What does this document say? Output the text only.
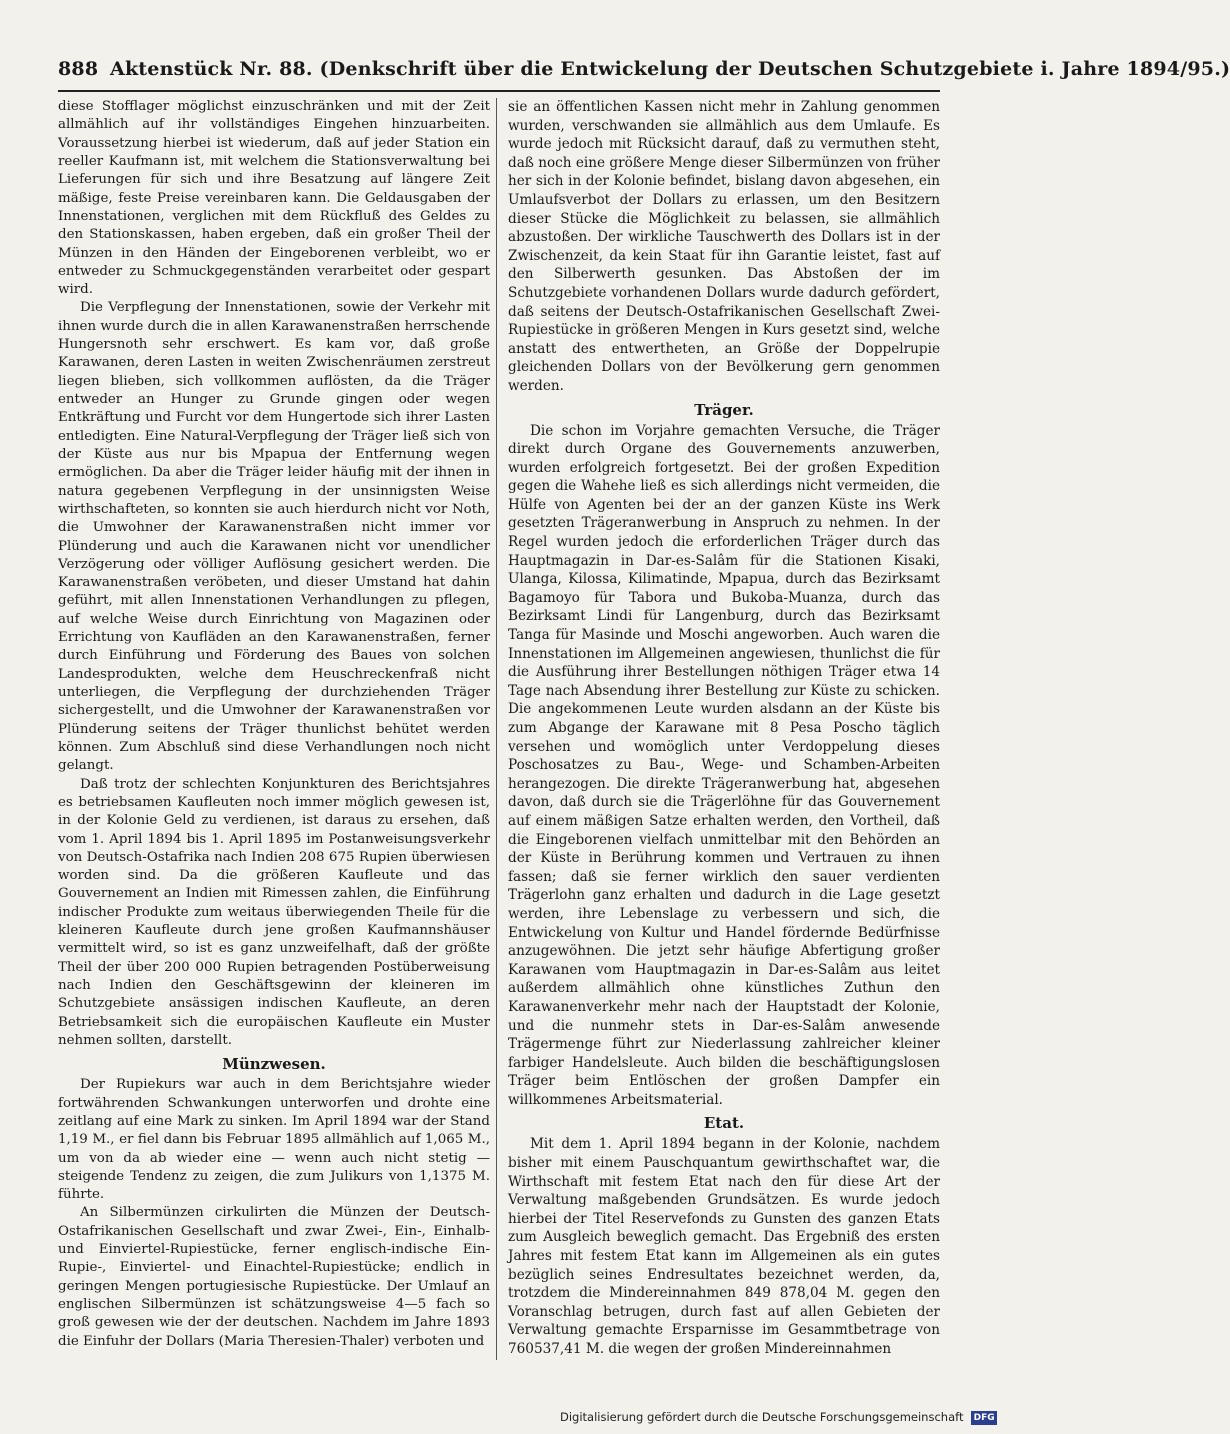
888 Aktenstück Nr. 88. (Denkschrift über die Entwickelung der Deutschen Schutzgebiete i. Jahre 1894/95.)

diese Stofflager möglichst einzuschränken und mit der Zeit allmählich auf ihr vollständiges Eingehen hinzuarbeiten. Voraussetzung hierbei ist wiederum, daß auf jeder Station ein reeller Kaufmann ist, mit welchem die Stationsverwaltung bei Lieferungen für sich und ihre Besatzung auf längere Zeit mäßige, feste Preise vereinbaren kann. Die Geldausgaben der Innenstationen, verglichen mit dem Rückfluß des Geldes zu den Stationskassen, haben ergeben, daß ein großer Theil der Münzen in den Händen der Eingeborenen verbleibt, wo er entweder zu Schmuckgegenständen verarbeitet oder gespart wird.

Die Verpflegung der Innenstationen, sowie der Verkehr mit ihnen wurde durch die in allen Karawanenstraßen herrschende Hungersnoth sehr erschwert. Es kam vor, daß große Karawanen, deren Lasten in weiten Zwischenräumen zerstreut liegen blieben, sich vollkommen auflösten, da die Träger entweder an Hunger zu Grunde gingen oder wegen Entkräftung und Furcht vor dem Hungertode sich ihrer Lasten entledigten. Eine Natural-Verpflegung der Träger ließ sich von der Küste aus nur bis Mpapua der Entfernung wegen ermöglichen. Da aber die Träger leider häufig mit der ihnen in natura gegebenen Verpflegung in der unsinnigsten Weise wirthschafteten, so konnten sie auch hierdurch nicht vor Noth, die Umwohner der Karawanenstraßen nicht immer vor Plünderung und auch die Karawanen nicht vor unendlicher Verzögerung oder völliger Auflösung gesichert werden. Die Karawanenstraßen veröbeten, und dieser Umstand hat dahin geführt, mit allen Innenstationen Verhandlungen zu pflegen, auf welche Weise durch Einrichtung von Magazinen oder Errichtung von Kaufläden an den Karawanenstraßen, ferner durch Einführung und Förderung des Baues von solchen Landesprodukten, welche dem Heuschreckenfraß nicht unterliegen, die Verpflegung der durchziehenden Träger sichergestellt, und die Umwohner der Karawanenstraßen vor Plünderung seitens der Träger thunlichst behütet werden können. Zum Abschluß sind diese Verhandlungen noch nicht gelangt.

Daß trotz der schlechten Konjunkturen des Berichtsjahres es betriebsamen Kaufleuten noch immer möglich gewesen ist, in der Kolonie Geld zu verdienen, ist daraus zu ersehen, daß vom 1. April 1894 bis 1. April 1895 im Postanweisungsverkehr von Deutsch-Ostafrika nach Indien 208 675 Rupien überwiesen worden sind. Da die größeren Kaufleute und das Gouvernement an Indien mit Rimessen zahlen, die Einführung indischer Produkte zum weitaus überwiegenden Theile für die kleineren Kaufleute durch jene großen Kaufmannshäuser vermittelt wird, so ist es ganz unzweifelhaft, daß der größte Theil der über 200 000 Rupien betragenden Postüberweisung nach Indien den Geschäftsgewinn der kleineren im Schutzgebiete ansässigen indischen Kaufleute, an deren Betriebsamkeit sich die europäischen Kaufleute ein Muster nehmen sollten, darstellt.

Münzwesen.

Der Rupiekurs war auch in dem Berichtsjahre wieder fortwährenden Schwankungen unterworfen und drohte eine zeitlang auf eine Mark zu sinken. Im April 1894 war der Stand 1,19 M., er fiel dann bis Februar 1895 allmählich auf 1,065 M., um von da ab wieder eine — wenn auch nicht stetig — steigende Tendenz zu zeigen, die zum Julikurs von 1,1375 M. führte.

An Silbermünzen cirkulirten die Münzen der Deutsch-Ostafrikanischen Gesellschaft und zwar Zwei-, Ein-, Einhalb- und Einviertel-Rupiestücke, ferner englisch-indische Ein-Rupie-, Einviertel- und Einachtel-Rupiestücke; endlich in geringen Mengen portugiesische Rupiestücke. Der Umlauf an englischen Silbermünzen ist schätzungsweise 4—5 fach so groß gewesen wie der der deutschen. Nachdem im Jahre 1893 die Einfuhr der Dollars (Maria Theresien-Thaler) verboten und

sie an öffentlichen Kassen nicht mehr in Zahlung genommen wurden, verschwanden sie allmählich aus dem Umlaufe. Es wurde jedoch mit Rücksicht darauf, daß zu vermuthen steht, daß noch eine größere Menge dieser Silbermünzen von früher her sich in der Kolonie befindet, bislang davon abgesehen, ein Umlaufsverbot der Dollars zu erlassen, um den Besitzern dieser Stücke die Möglichkeit zu belassen, sie allmählich abzustoßen. Der wirkliche Tauschwerth des Dollars ist in der Zwischenzeit, da kein Staat für ihn Garantie leistet, fast auf den Silberwerth gesunken. Das Abstoßen der im Schutzgebiete vorhandenen Dollars wurde dadurch gefördert, daß seitens der Deutsch-Ostafrikanischen Gesellschaft Zwei-Rupiestücke in größeren Mengen in Kurs gesetzt sind, welche anstatt des entwertheten, an Größe der Doppelrupie gleichenden Dollars von der Bevölkerung gern genommen werden.

Träger.

Die schon im Vorjahre gemachten Versuche, die Träger direkt durch Organe des Gouvernements anzuwerben, wurden erfolgreich fortgesetzt. Bei der großen Expedition gegen die Wahehe ließ es sich allerdings nicht vermeiden, die Hülfe von Agenten bei der an der ganzen Küste ins Werk gesetzten Trägeranwerbung in Anspruch zu nehmen. In der Regel wurden jedoch die erforderlichen Träger durch das Hauptmagazin in Dar-es-Salâm für die Stationen Kisaki, Ulanga, Kilossa, Kilimatinde, Mpapua, durch das Bezirksamt Bagamoyo für Tabora und Bukoba-Muanza, durch das Bezirksamt Lindi für Langenburg, durch das Bezirksamt Tanga für Masinde und Moschi angeworben. Auch waren die Innenstationen im Allgemeinen angewiesen, thunlichst die für die Ausführung ihrer Bestellungen nöthigen Träger etwa 14 Tage nach Absendung ihrer Bestellung zur Küste zu schicken. Die angekommenen Leute wurden alsdann an der Küste bis zum Abgange der Karawane mit 8 Pesa Poscho täglich versehen und womöglich unter Verdoppelung dieses Poschosatzes zu Bau-, Wege- und Schamben-Arbeiten herangezogen. Die direkte Trägeranwerbung hat, abgesehen davon, daß durch sie die Trägerlöhne für das Gouvernement auf einem mäßigen Satze erhalten werden, den Vortheil, daß die Eingeborenen vielfach unmittelbar mit den Behörden an der Küste in Berührung kommen und Vertrauen zu ihnen fassen; daß sie ferner wirklich den sauer verdienten Trägerlohn ganz erhalten und dadurch in die Lage gesetzt werden, ihre Lebenslage zu verbessern und sich, die Entwickelung von Kultur und Handel fördernde Bedürfnisse anzugewöhnen. Die jetzt sehr häufige Abfertigung großer Karawanen vom Hauptmagazin in Dar-es-Salâm aus leitet außerdem allmählich ohne künstliches Zuthun den Karawanenverkehr mehr nach der Hauptstadt der Kolonie, und die nunmehr stets in Dar-es-Salâm anwesende Trägermenge führt zur Niederlassung zahlreicher kleiner farbiger Handelsleute. Auch bilden die beschäftigungslosen Träger beim Entlöschen der großen Dampfer ein willkommenes Arbeitsmaterial.

Etat.

Mit dem 1. April 1894 begann in der Kolonie, nachdem bisher mit einem Pauschquantum gewirthschaftet war, die Wirthschaft mit festem Etat nach den für diese Art der Verwaltung maßgebenden Grundsätzen. Es wurde jedoch hierbei der Titel Reservefonds zu Gunsten des ganzen Etats zum Ausgleich beweglich gemacht. Das Ergebniß des ersten Jahres mit festem Etat kann im Allgemeinen als ein gutes bezüglich seines Endresultates bezeichnet werden, da, trotzdem die Mindereinnahmen 849 878,04 M. gegen den Voranschlag betrugen, durch fast auf allen Gebieten der Verwaltung gemachte Ersparnisse im Gesammtbetrage von 760537,41 M. die wegen der großen Mindereinnahmen

Digitalisierung gefördert durch die Deutsche Forschungsgemeinschaft DFG
